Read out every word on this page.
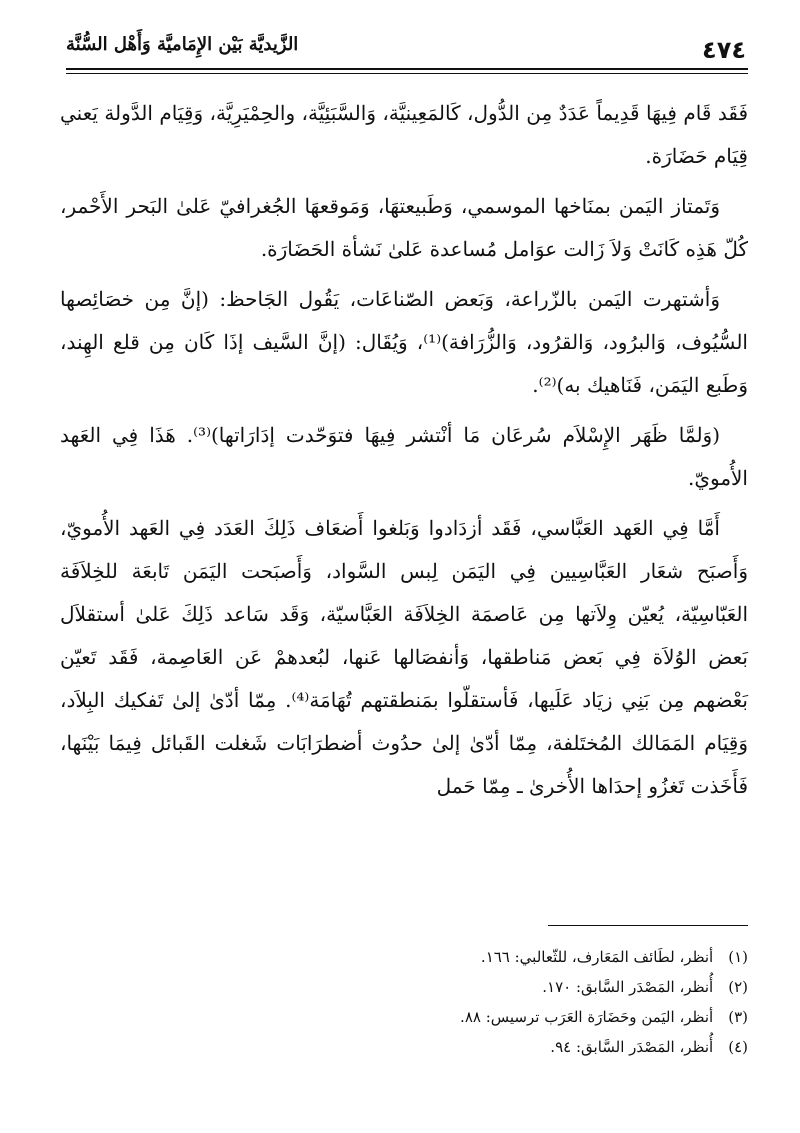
٤٧٤
الزَّيديَّة بَيْن الإِمَاميَّة وَأَهْل السُّنَّة

فَقَد قَام فِيهَا قَدِيماً عَدَدٌ مِن الدُّول، كَالمَعِينيَّة، وَالسَّبَئِيَّة، والحِمْيَرِيَّة، وَقِيَام الدَّولة يَعني قِيَام حَضَارَة.

وَتَمتاز اليَمن بمنَاخها الموسمي، وَطَبيعتهَا، وَمَوقعهَا الجُغرافيّ عَلىٰ البَحر الأَحْمر، كُلّ هَذِه كَانَتْ وَلاَ زَالت عوَامل مُساعدة عَلىٰ نَشأة الحَضَارَة.

وَأشتهرت اليَمن بالزّراعة، وَبَعض الصّناعَات، يَقُول الجَاحظ: (إنَّ مِن خصَائِصها السُّيُوف، وَالبرُود، وَالقرُود، وَالزُّرَافة)⁽¹⁾، وَيُقَال: (إنَّ السَّيف إذَا كَان مِن قلع الهِند، وَطَبع اليَمَن، فَنَاهيك به)⁽²⁾.

(وَلمَّا ظَهَر الإِسْلاَم سُرعَان مَا أنْتشر فِيهَا فتوَحّدت إدَارَاتها)⁽³⁾. هَذَا فِي العَهد الأُمويّ.

أَمَّا فِي العَهد العَبَّاسي، فَقَد أزدَادوا وَبَلغوا أَضعَاف ذَلِكَ العَدَد فِي العَهد الأُمويّ، وَأَصبَح شعَار العَبَّاسِيين فِي اليَمَن لِبس السَّواد، وَأَصبَحت اليَمَن تَابعَة للخِلاَفَة العَبّاسِيّة، يُعيّن وِلاَتها مِن عَاصمَة الخِلاَفَة العَبَّاسيّة، وَقَد سَاعد ذَلِكَ عَلىٰ أستقلاَل بَعض الوُلاَة فِي بَعض مَناطقها، وَأنفصَالها عَنها، لبُعدهمْ عَن العَاصِمة، فَقَد تَعيّن بَعْضهم مِن بَنِي زيَاد عَلَيها، فَأستقلّوا بمَنطقتهم تُهَامَة⁽⁴⁾. مِمّا أدّىٰ إلىٰ تَفكيك البِلاَد، وَقِيَام المَمَالك المُختَلفة، مِمّا أدّىٰ إلىٰ حدُوث أضطرَابَات شَغلت القَبائل فِيمَا بَيْنَها، فَأَخَذت تَغزُو إحدَاها الأُخرىٰ ـ مِمّا حَمل

(١) أنظر، لطَائف المَعَارف، للثّعالبي: ١٦٦.
(٢) أُنظر، المَصْدَر السَّابق: ١٧٠.
(٣) أنظر، اليَمن وحَضَارَة العَرَب ترسيس: ٨٨.
(٤) أُنظر، المَصْدَر السَّابق: ٩٤.
